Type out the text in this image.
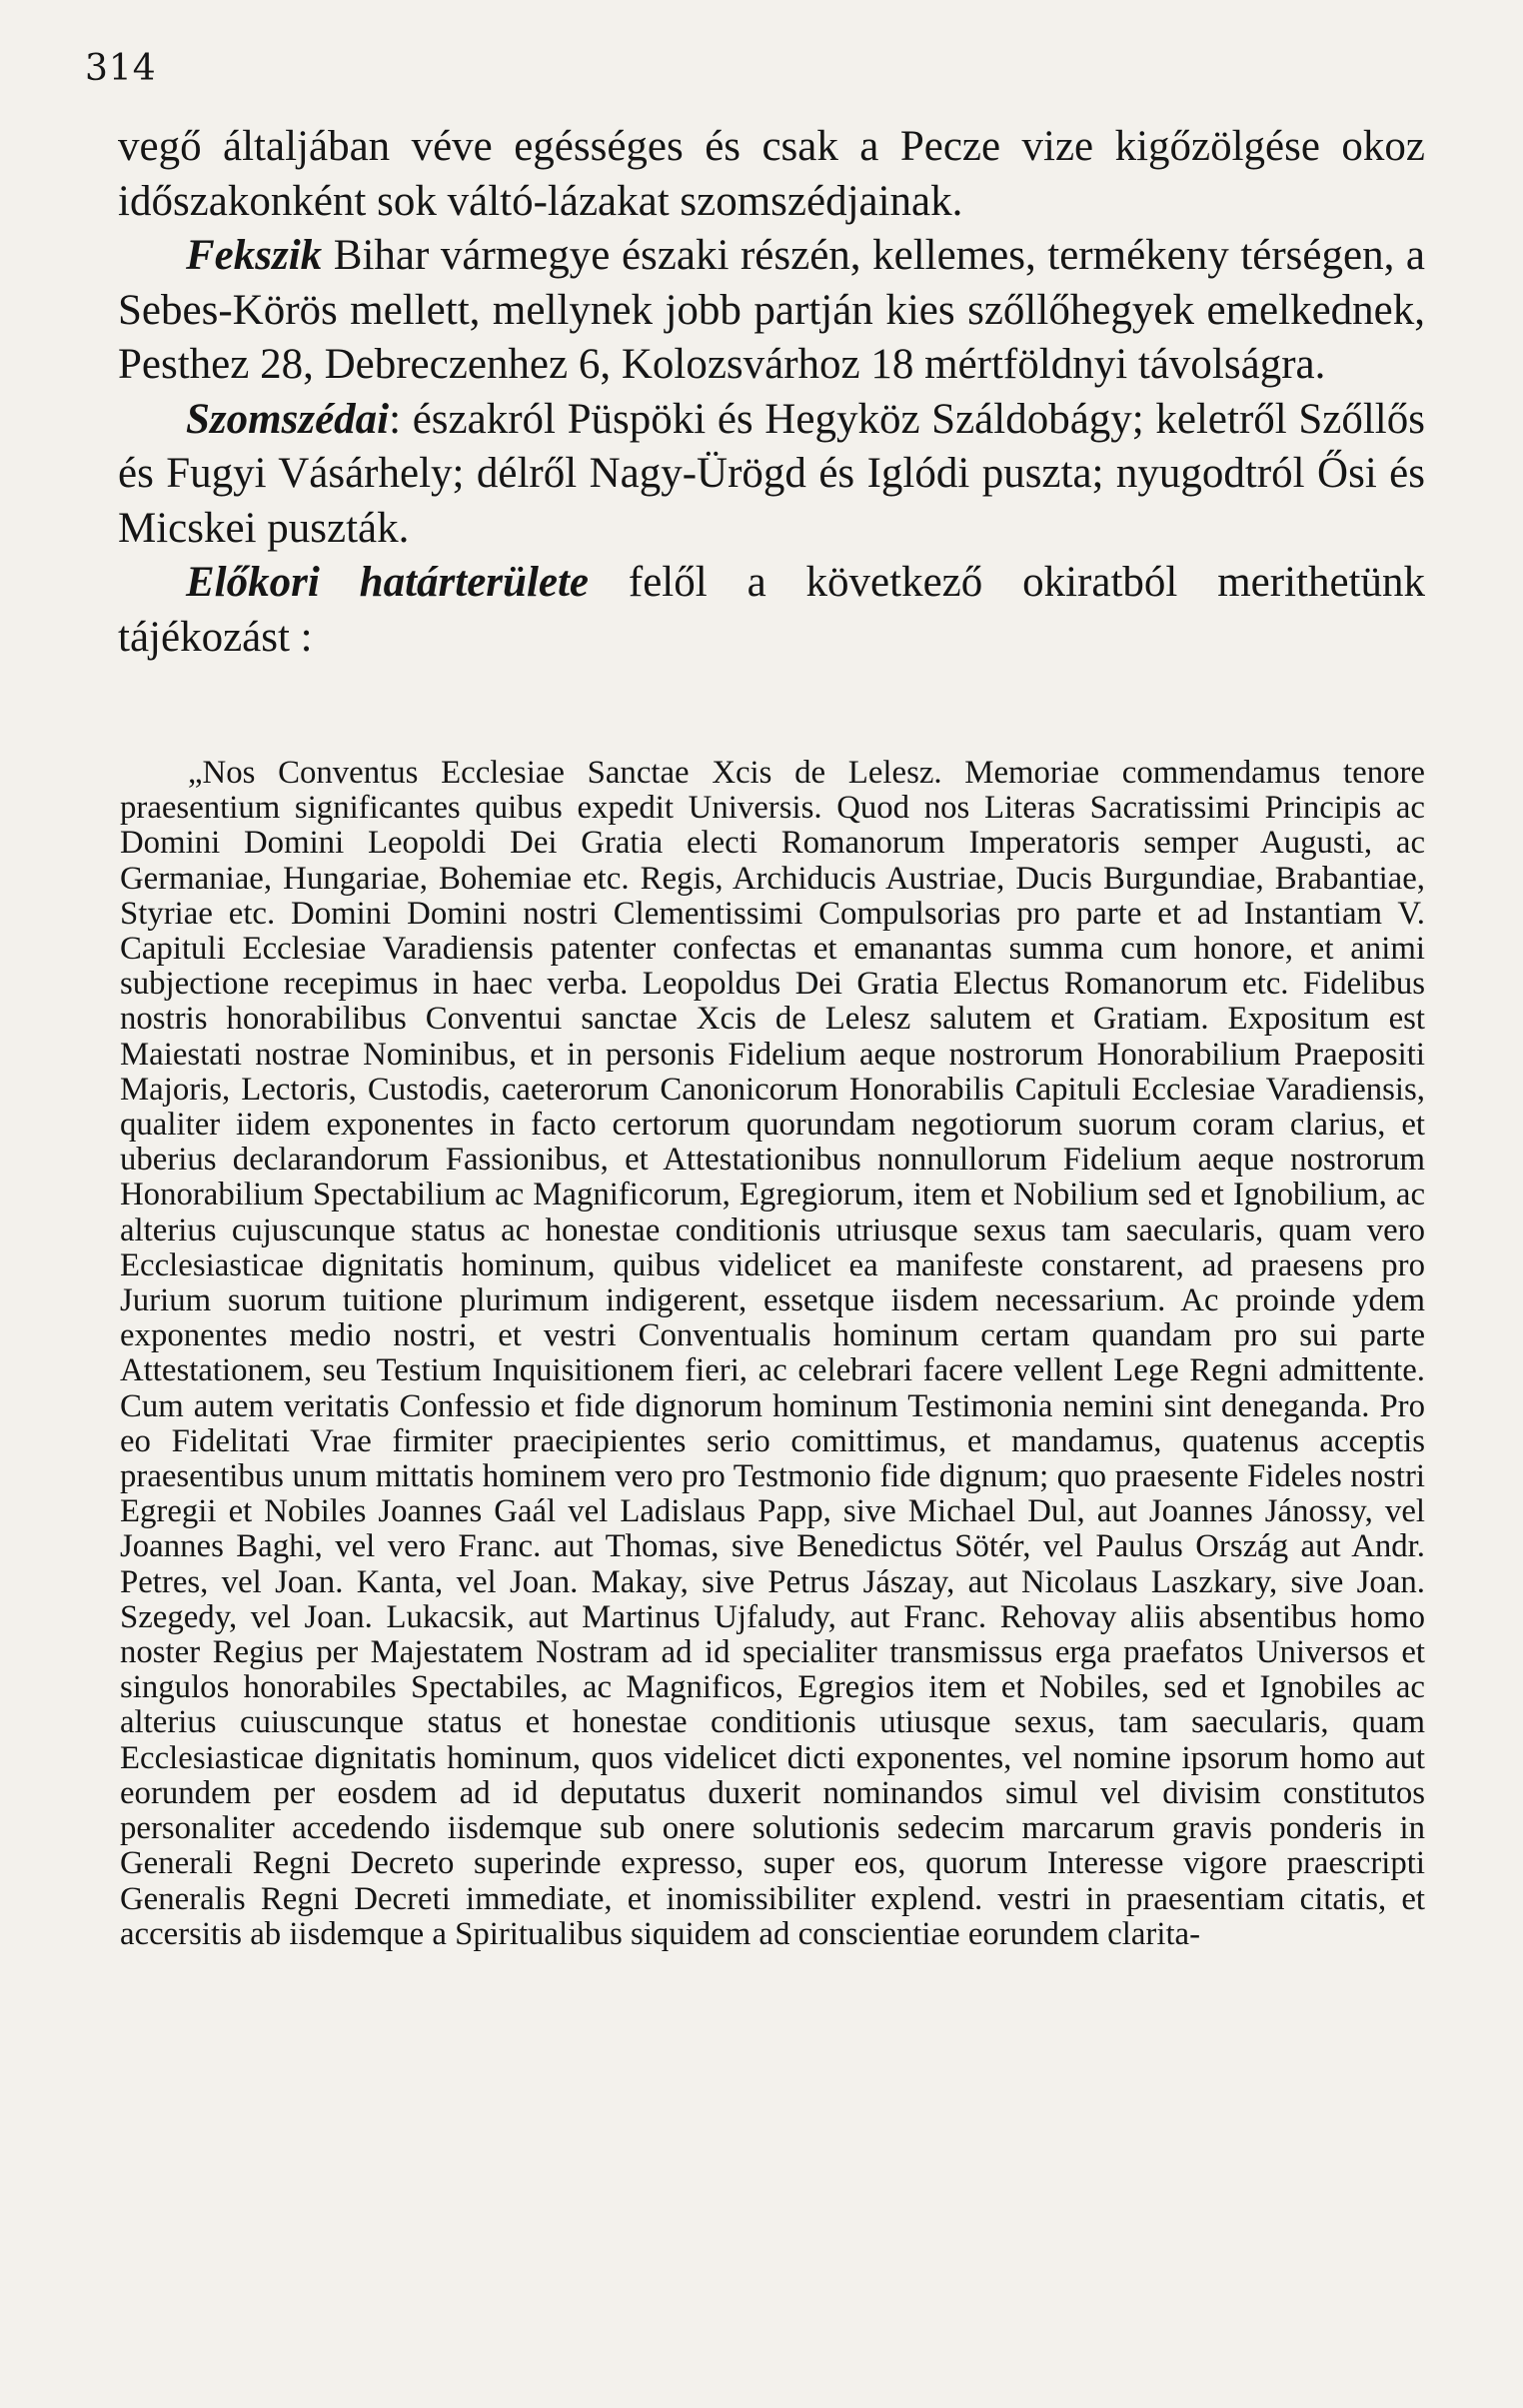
314

vegő általjában véve egésséges és csak a Pecze vize kigőzölgése okoz időszakonként sok váltó-lázakat szomszédjainak.

Fekszik Bihar vármegye északi részén, kellemes, termékeny térségen, a Sebes-Körös mellett, mellynek jobb partján kies szőllőhegyek emelkednek, Pesthez 28, Debreczenhez 6, Kolozsvárhoz 18 mértföldnyi távolságra.

Szomszédai: északról Püspöki és Hegyköz Száldobágy; keletről Szőllős és Fugyi Vásárhely; délről Nagy-Ürögd és Iglódi puszta; nyugodtról Ősi és Micskei puszták.

Előkori határterülete felől a következő okiratból merithetünk tájékozást :

„Nos Conventus Ecclesiae Sanctae Xcis de Lelesz. Memoriae commendamus tenore praesentium significantes quibus expedit Universis. Quod nos Literas Sacratissimi Principis ac Domini Domini Leopoldi Dei Gratia electi Romanorum Imperatoris semper Augusti, ac Germaniae, Hungariae, Bohemiae etc. Regis, Archiducis Austriae, Ducis Burgundiae, Brabantiae, Styriae etc. Domini Domini nostri Clementissimi Compulsorias pro parte et ad Instantiam V. Capituli Ecclesiae Varadiensis patenter confectas et emanantas summa cum honore, et animi subjectione recepimus in haec verba. Leopoldus Dei Gratia Electus Romanorum etc. Fidelibus nostris honorabilibus Conventui sanctae Xcis de Lelesz salutem et Gratiam. Expositum est Maiestati nostrae Nominibus, et in personis Fidelium aeque nostrorum Honorabilium Praepositi Majoris, Lectoris, Custodis, caeterorum Canonicorum Honorabilis Capituli Ecclesiae Varadiensis, qualiter iidem exponentes in facto certorum quorundam negotiorum suorum coram clarius, et uberius declarandorum Fassionibus, et Attestationibus nonnullorum Fidelium aeque nostrorum Honorabilium Spectabilium ac Magnificorum, Egregiorum, item et Nobilium sed et Ignobilium, ac alterius cujuscunque status ac honestae conditionis utriusque sexus tam saecularis, quam vero Ecclesiasticae dignitatis hominum, quibus videlicet ea manifeste constarent, ad praesens pro Jurium suorum tuitione plurimum indigerent, essetque iisdem necessarium. Ac proinde ydem exponentes medio nostri, et vestri Conventualis hominum certam quandam pro sui parte Attestationem, seu Testium Inquisitionem fieri, ac celebrari facere vellent Lege Regni admittente. Cum autem veritatis Confessio et fide dignorum hominum Testimonia nemini sint deneganda. Pro eo Fidelitati Vrae firmiter praecipientes serio comittimus, et mandamus, quatenus acceptis praesentibus unum mittatis hominem vero pro Testmonio fide dignum; quo praesente Fideles nostri Egregii et Nobiles Joannes Gaál vel Ladislaus Papp, sive Michael Dul, aut Joannes Jánossy, vel Joannes Baghi, vel vero Franc. aut Thomas, sive Benedictus Sötér, vel Paulus Ország aut Andr. Petres, vel Joan. Kanta, vel Joan. Makay, sive Petrus Jászay, aut Nicolaus Laszkary, sive Joan. Szegedy, vel Joan. Lukacsik, aut Martinus Ujfaludy, aut Franc. Rehovay aliis absentibus homo noster Regius per Majestatem Nostram ad id specialiter transmissus erga praefatos Universos et singulos honorabiles Spectabiles, ac Magnificos, Egregios item et Nobiles, sed et Ignobiles ac alterius cuiuscunque status et honestae conditionis utiusque sexus, tam saecularis, quam Ecclesiasticae dignitatis hominum, quos videlicet dicti exponentes, vel nomine ipsorum homo aut eorundem per eosdem ad id deputatus duxerit nominandos simul vel divisim constitutos personaliter accedendo iisdemque sub onere solutionis sedecim marcarum gravis ponderis in Generali Regni Decreto superinde expresso, super eos, quorum Interesse vigore praescripti Generalis Regni Decreti immediate, et inomissibiliter explend. vestri in praesentiam citatis, et accersitis ab iisdemque a Spiritualibus siquidem ad conscientiae eorundem clarita-
